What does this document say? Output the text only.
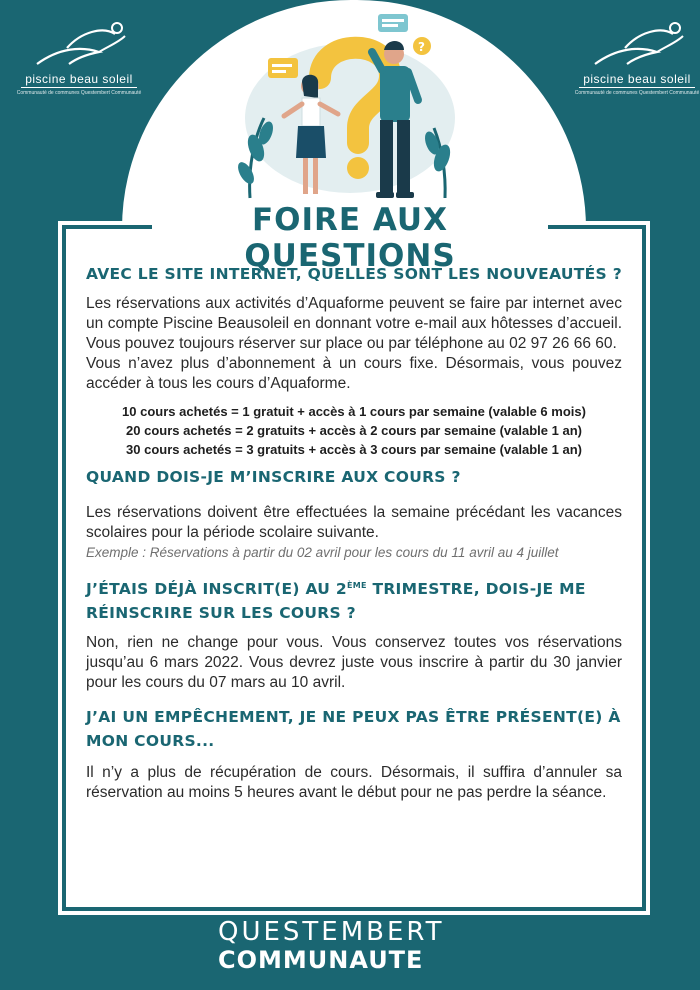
piscine beau soleil
Communauté de communes Questembert Communauté
piscine beau soleil
Communauté de communes Questembert Communauté
?
FOIRE AUX QUESTIONS
AVEC LE SITE INTERNET, QUELLES SONT LES NOUVEAUTÉS ?

Les réservations aux activités d’Aquaforme peuvent se faire par internet avec un compte Piscine Beausoleil en donnant votre e-mail aux hôtesses d’accueil. Vous pouvez toujours réserver sur place ou par téléphone au 02 97 26 66 60.

Vous n’avez plus d’abonnement à un cours fixe. Désormais, vous pouvez accéder à tous les cours d’Aquaforme.

10 cours achetés = 1 gratuit + accès à 1 cours par semaine (valable 6 mois)
20 cours achetés = 2 gratuits + accès à 2 cours par semaine (valable 1 an)
30 cours achetés = 3 gratuits + accès à 3 cours par semaine (valable 1 an)
QUAND DOIS-JE M’INSCRIRE AUX COURS ?

Les réservations doivent être effectuées la semaine précédant les vacances scolaires pour la période scolaire suivante.

Exemple : Réservations à partir du 02 avril pour les cours du 11 avril au 4 juillet
J’ÉTAIS DÉJÀ INSCRIT(E) AU 2ÈME TRIMESTRE, DOIS-JE ME RÉINSCRIRE SUR LES COURS ?

Non, rien ne change pour vous. Vous conservez toutes vos réservations jusqu’au 6 mars 2022. Vous devrez juste vous inscrire à partir du 30 janvier pour les cours du 07 mars au 10 avril.

J’AI UN EMPÊCHEMENT, JE NE PEUX PAS ÊTRE PRÉSENT(E) À MON COURS...

Il n’y a plus de récupération de cours. Désormais, il suffira d’annuler sa réservation au moins 5 heures avant le début pour ne pas perdre la séance.

QUESTEMBERT
COMMUNAUTE
